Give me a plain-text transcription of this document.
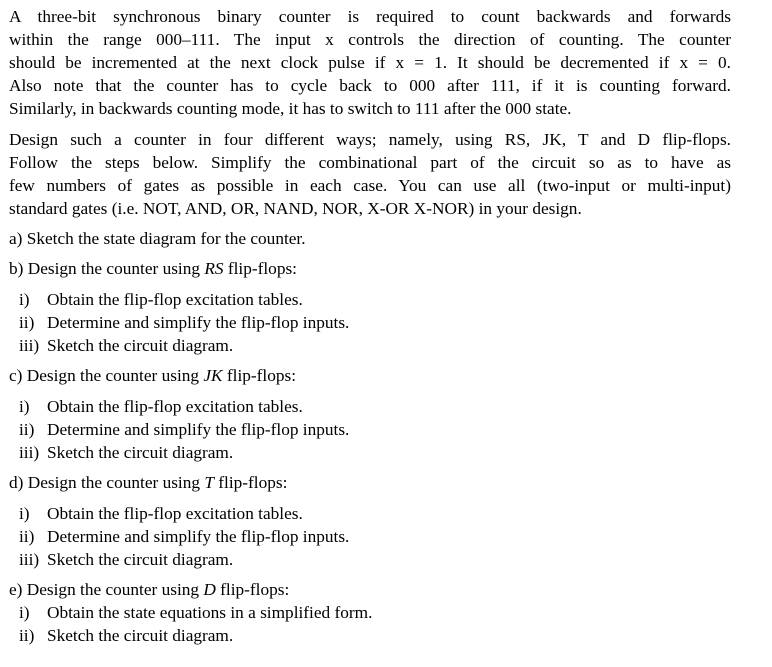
A three-bit synchronous binary counter is required to count backwards and forwards
within the range 000–111. The input x controls the direction of counting. The counter
should be incremented at the next clock pulse if x = 1. It should be decremented if x = 0.
Also note that the counter has to cycle back to 000 after 111, if it is counting forward.
Similarly, in backwards counting mode, it has to switch to 111 after the 000 state.

Design such a counter in four different ways; namely, using RS, JK, T and D flip-flops.
Follow the steps below. Simplify the combinational part of the circuit so as to have as
few numbers of gates as possible in each case. You can use all (two-input or multi-input)
standard gates (i.e. NOT, AND, OR, NAND, NOR, X-OR X-NOR) in your design.

a) Sketch the state diagram for the counter.
b) Design the counter using RS flip-flops:
i) Obtain the flip-flop excitation tables.
ii) Determine and simplify the flip-flop inputs.
iii) Sketch the circuit diagram.
c) Design the counter using JK flip-flops:
i) Obtain the flip-flop excitation tables.
ii) Determine and simplify the flip-flop inputs.
iii) Sketch the circuit diagram.
d) Design the counter using T flip-flops:
i) Obtain the flip-flop excitation tables.
ii) Determine and simplify the flip-flop inputs.
iii) Sketch the circuit diagram.
e) Design the counter using D flip-flops:
i) Obtain the state equations in a simplified form.
ii) Sketch the circuit diagram.
